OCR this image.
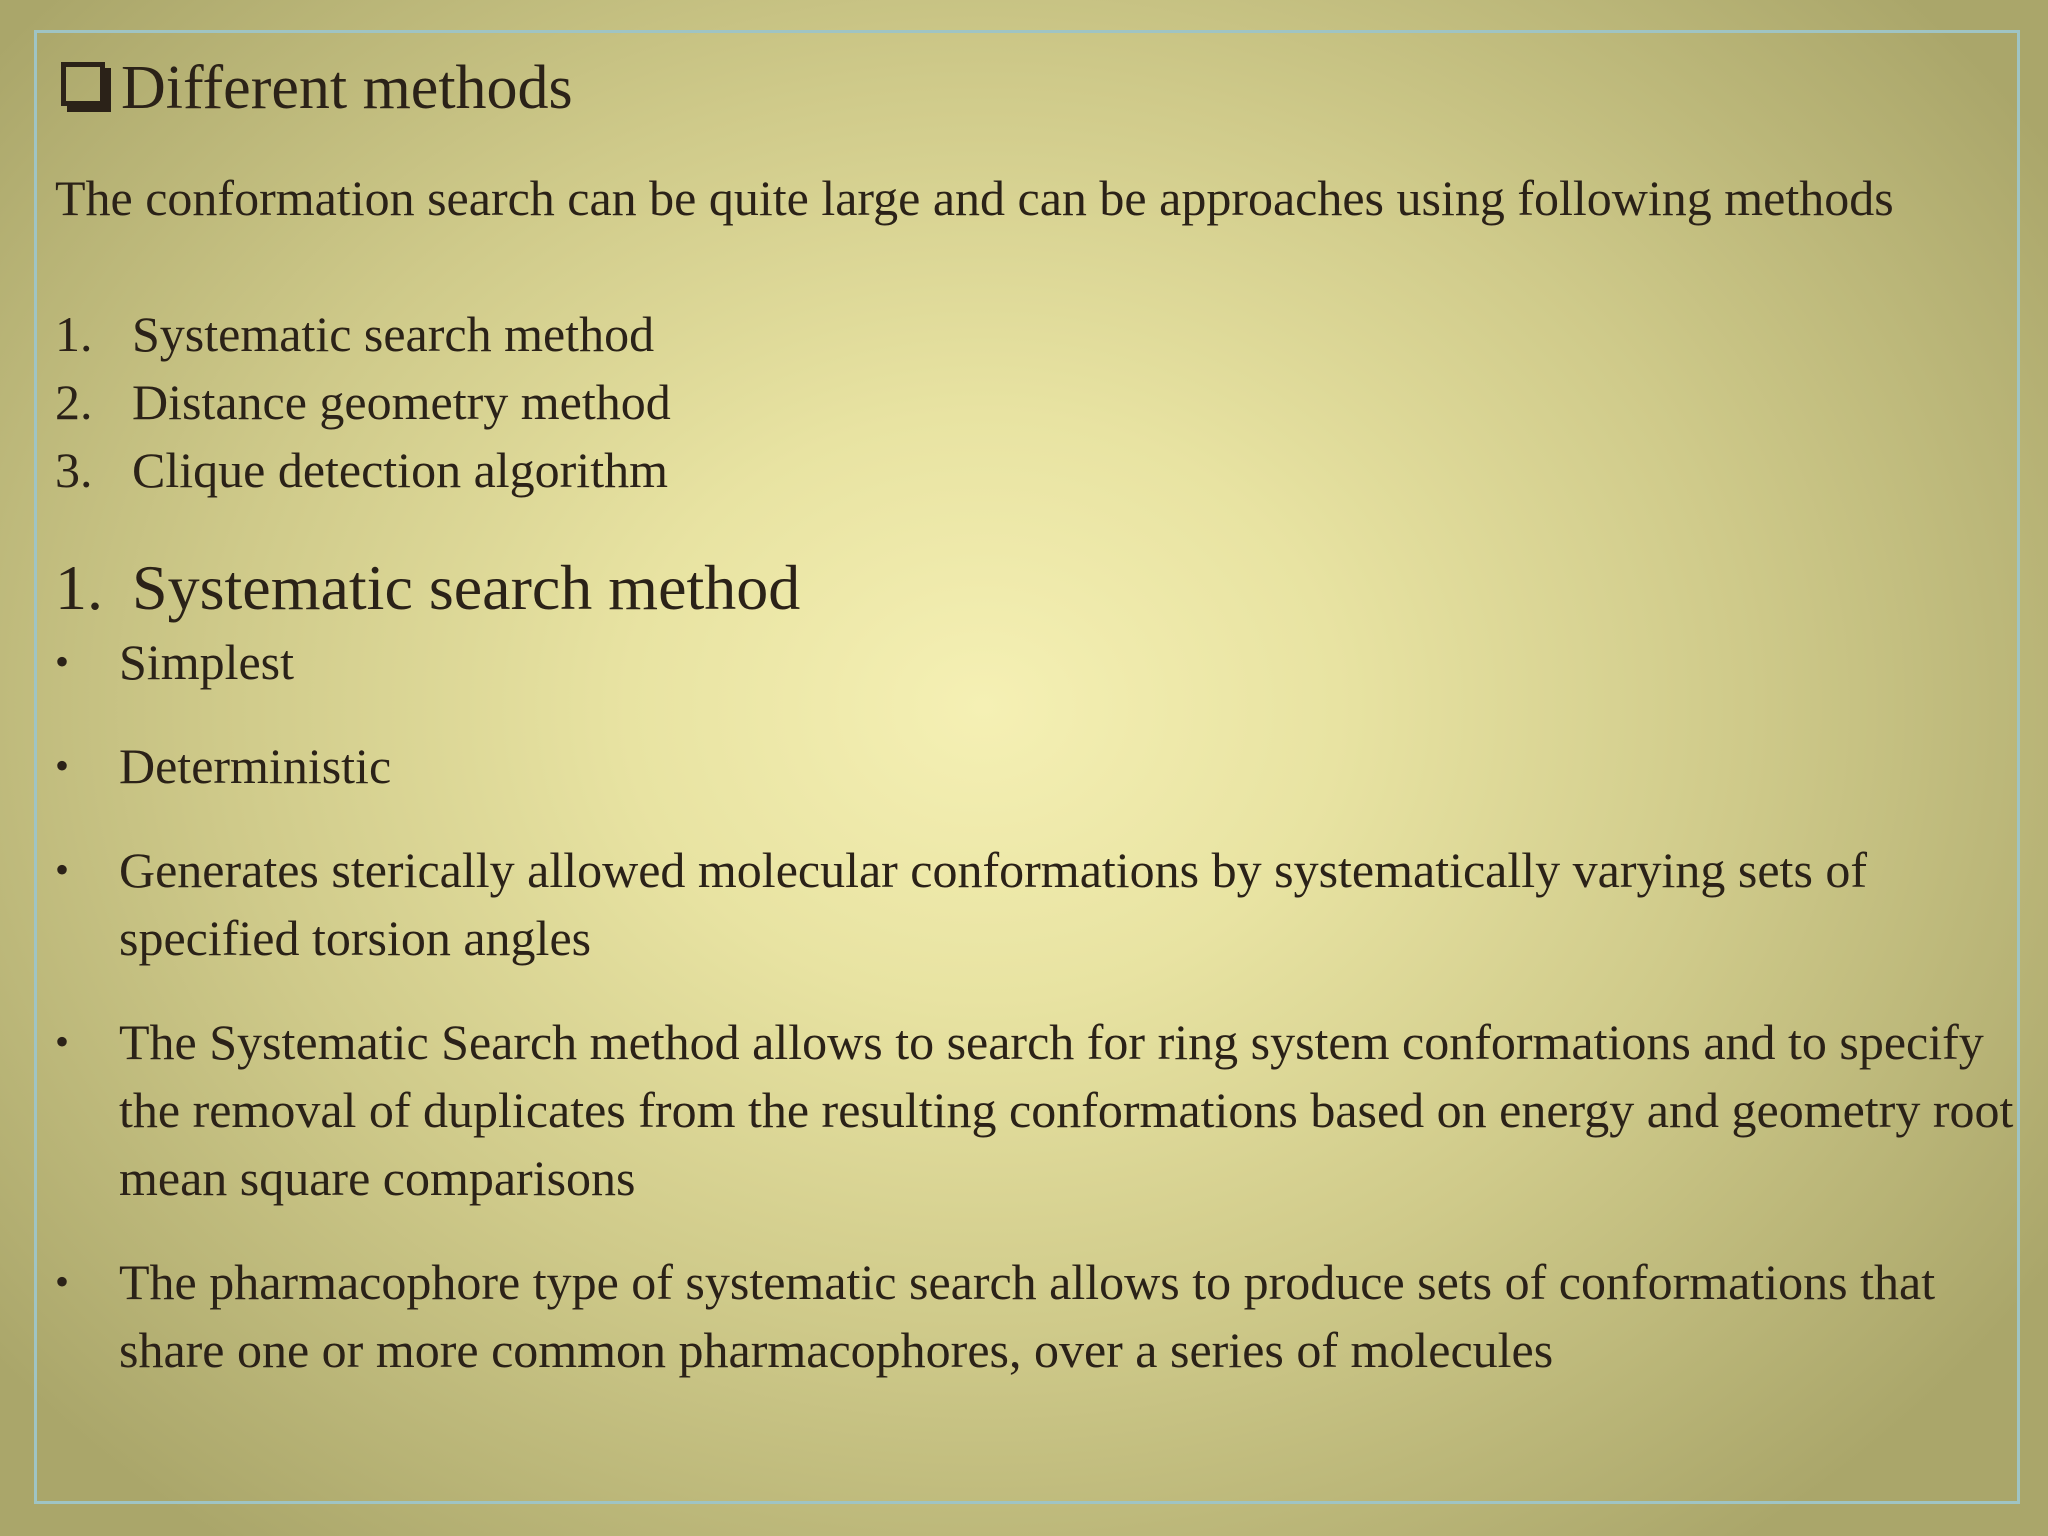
Different methods
The conformation search can be quite large and can be approaches using following methods
1. Systematic search method
2. Distance geometry method
3. Clique detection algorithm
1. Systematic search method
• Simplest
• Deterministic
• Generates sterically allowed molecular conformations by systematically varying sets of specified torsion angles
• The Systematic Search method allows to search for ring system conformations and to specify the removal of duplicates from the resulting conformations based on energy and geometry root mean square comparisons
• The pharmacophore type of systematic search allows to produce sets of conformations that share one or more common pharmacophores, over a series of molecules
